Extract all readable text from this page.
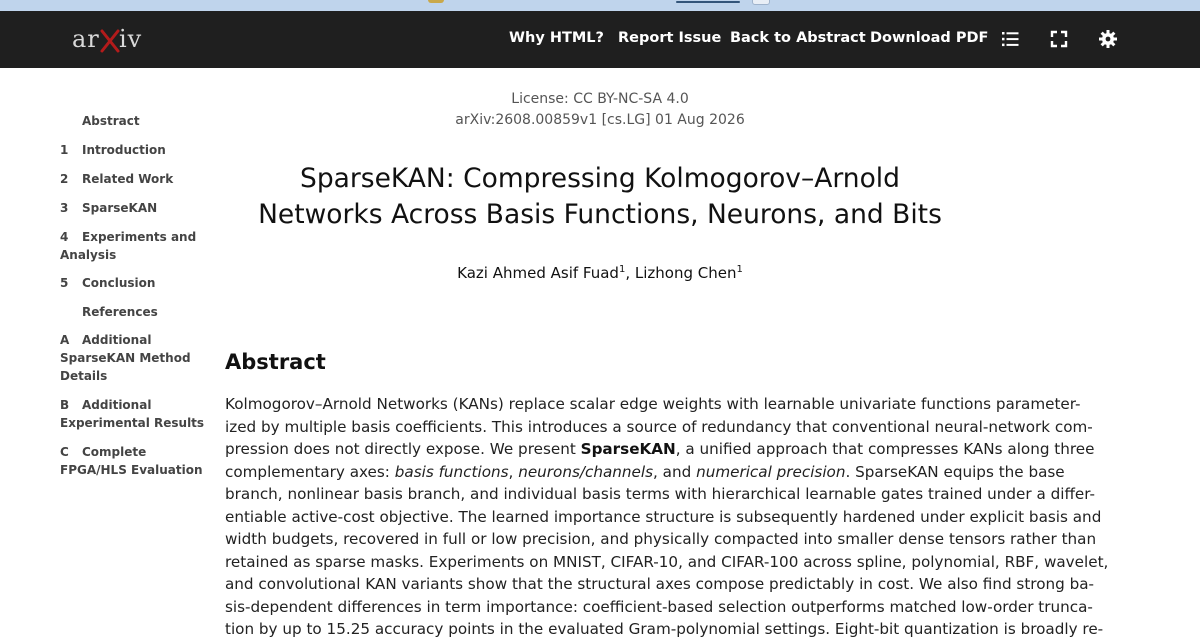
ar iv	Why HTML? Report Issue Back to Abstract Download PDF
Abstract
1 Introduction
2 Related Work
3 SparseKAN
4 Experiments and
Analysis
5 Conclusion
References
A Additional
SparseKAN Method
Details
B Additional
Experimental Results
C Complete
FPGA/HLS Evaluation
License: CC BY-NC-SA 4.0
arXiv:2608.00859v1 [cs.LG] 01 Aug 2026
SparseKAN: Compressing Kolmogorov–Arnold
Networks Across Basis Functions, Neurons, and Bits
Kazi Ahmed Asif Fuad$^1$, Lizhong Chen$^1$
Abstract
Kolmogorov–Arnold Networks (KANs) replace scalar edge weights with learnable univariate functions parameter-
ized by multiple basis coefficients. This introduces a source of redundancy that conventional neural-network com-
pression does not directly expose. We present SparseKAN, a unified approach that compresses KANs along three
complementary axes: basis functions, neurons/channels, and numerical precision. SparseKAN equips the base
branch, nonlinear basis branch, and individual basis terms with hierarchical learnable gates trained under a differ-
entiable active-cost objective. The learned importance structure is subsequently hardened under explicit basis and
width budgets, recovered in full or low precision, and physically compacted into smaller dense tensors rather than
retained as sparse masks. Experiments on MNIST, CIFAR-10, and CIFAR-100 across spline, polynomial, RBF, wavelet,
and convolutional KAN variants show that the structural axes compose predictably in cost. We also find strong ba-
sis-dependent differences in term importance: coefficient-based selection outperforms matched low-order trunca-
tion by up to 15.25 accuracy points in the evaluated Gram-polynomial settings. Eight-bit quantization is broadly re-
